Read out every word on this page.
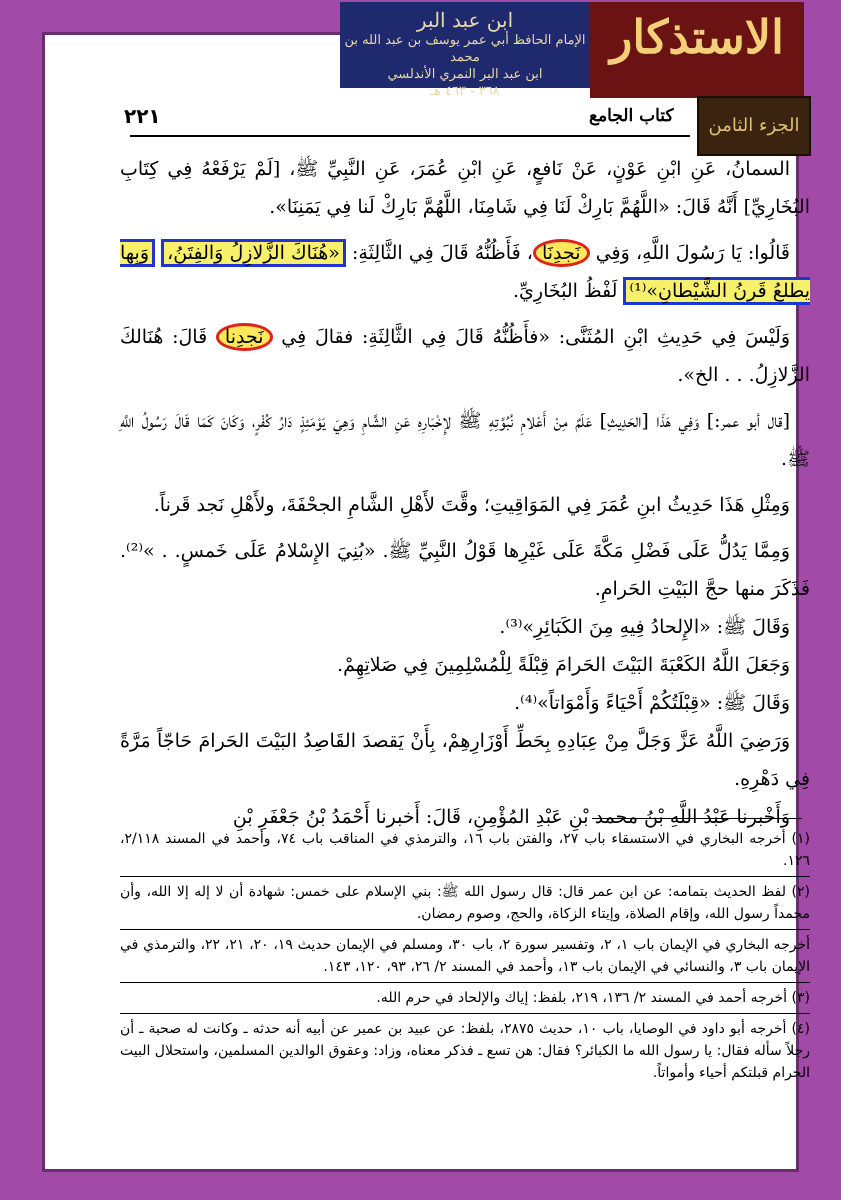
ابن عبد البر
الإمام الحافظ أبي عمر يوسف بن عبد الله بن محمد
ابن عبد البر النمري الأندلسي
٣٦٨ - ٤٦٣ هـ
الاستذكار
الجزء الثامن
٢٢١	كتاب الجامع

السمانُ، عَنِ ابْنِ عَوْنٍ، عَنْ نَافعٍ، عَنِ ابْنِ عُمَرَ، عَنِ النَّبِيِّ ﷺ، [لَمْ يَرْفَعْهُ فِي كِتَابِ البُخَارِيِّ] أَنَّهُ قَالَ: «اللَّهُمَّ بَارِكْ لَنَا فِي شَامِنَا، اللَّهُمَّ بَارِكْ لَنا فِي يَمَنِنَا».

قَالُوا: يَا رَسُولَ اللَّهِ، وَفِي نَجدِنَا، فَأَظُنُّهُ قَالَ فِي الثَّالِثَةِ: «هُنَاكَ الزَّلازِلُ وَالفِتَنُ، وَبِها يطلعُ قَرنُ الشَّيْطانِ»⁽¹⁾ لَفْظُ البُخَارِيِّ.

وَلَيْسَ فِي حَدِيثِ ابْنِ المُثَنَّى: «فأَظُنُّهُ قَالَ فِي الثَّالِثَةِ: فقالَ فِي نَجدِنا قَالَ: هُنَالكَ الزَّلازِلُ. . . الخ».

[قال أبو عمر:] وَفِي هَذَا [الحَدِيثِ] عَلَمٌ مِنْ أَعْلامِ نُبُوَّتِهِ ﷺ لإِخْبَارِهِ عَنِ الشَّامِ وَهِيَ يَوْمَئِذٍ دَارُ كُفْرٍ، وَكَانَ كَمَا قَالَ رَسُولُ اللَّهِ ﷺ.

وَمِثْلِ هَذَا حَدِيثُ ابنِ عُمَرَ فِي المَوَاقِيتِ؛ وقَّتَ لأَهْلِ الشَّامِ الجحْفَةَ، ولأَهْلِ نَجد قَرناً.

وَمِمَّا يَدُلُّ عَلَى فَضْلِ مَكَّةَ عَلَى غَيْرِها قَوْلُ النَّبِيِّ ﷺ. «بُنِيَ الإِسْلامُ عَلَى خَمسٍ. . »⁽²⁾. فَذَكَرَ منها حجَّ البَيْتِ الحَرامِ.

وَقَالَ ﷺ: «الإِلحادُ فِيهِ مِنَ الكَبَائِرِ»⁽³⁾.

وَجَعَلَ اللَّهُ الكَعْبَةَ البَيْتَ الحَرامَ قِبْلَةً لِلْمُسْلِمِينَ فِي صَلاتِهِمْ.

وَقَالَ ﷺ: «قِبْلَتُكُمْ أَحْيَاءً وَأَمْوَاتاً»⁽⁴⁾.

وَرَضِيَ اللَّهُ عَزَّ وَجَلَّ مِنْ عِبَادِهِ بِحَطِّ أَوْزَارِهِمْ، بِأَنْ يَقصدَ القَاصِدُ البَيْتَ الحَرامَ حَاجّاً مَرَّةً فِي دَهْرِهِ.

وَأَخْبرنا عَبْدُ اللَّهِ بْنُ محمد بْنِ عَبْدِ المُؤْمِنِ، قَالَ: أَخبرنا أَحْمَدُ بْنُ جَعْفَرِ بْنِ

(١) أخرجه البخاري في الاستسقاء باب ٢٧، والفتن باب ١٦، والترمذي في المناقب باب ٧٤، وأحمد في المسند ٢/١١٨، ١٢٦.

(٢) لفظ الحديث بتمامه: عن ابن عمر قال: قال رسول الله ﷺ: بني الإسلام على خمس: شهادة أن لا إله إلا الله، وأن محمداً رسول الله، وإقام الصلاة، وإيتاء الزكاة، والحج، وصوم رمضان.

أخرجه البخاري في الإيمان باب ١، ٢، وتفسير سورة ٢، باب ٣٠، ومسلم في الإيمان حديث ١٩، ٢٠، ٢١، ٢٢، والترمذي في الإيمان باب ٣، والنسائي في الإيمان باب ١٣، وأحمد في المسند ٢/ ٢٦، ٩٣، ١٢٠، ١٤٣.

(٣) أخرجه أحمد في المسند ٢/ ١٣٦، ٢١٩، بلفظ: إياك والإلحاد في حرم الله.

(٤) أخرجه أبو داود في الوصايا، باب ١٠، حديث ٢٨٧٥، بلفظ: عن عبيد بن عمير عن أبيه أنه حدثه ـ وكانت له صحبة ـ أن رجلاً سأله فقال: يا رسول الله ما الكبائر؟ فقال: هن تسع ـ فذكر معناه، وزاد: وعقوق الوالدين المسلمين، واستحلال البيت الحرام قبلتكم أحياء وأمواتاً.
